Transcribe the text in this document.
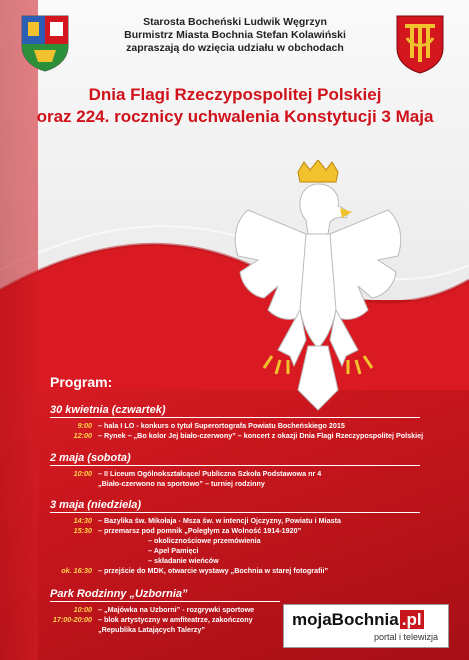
Starosta Bocheński Ludwik Węgrzyn
Burmistrz Miasta Bochnia Stefan Kolawiński
zapraszają do wzięcia udziału w obchodach
Dnia Flagi Rzeczypospolitej Polskiej
oraz 224. rocznicy uchwalenia Konstytucji 3 Maja
Program:
30 kwietnia (czwartek)
9:00 – hala I LO - konkurs o tytuł Superortografa Powiatu Bocheńskiego 2015
12:00 – Rynek – „Bo kolor Jej biało-czerwony” – koncert z okazji Dnia Flagi Rzeczypospolitej Polskiej
2 maja (sobota)
10:00 – II Liceum Ogólnokształcące/ Publiczna Szkoła Podstawowa nr 4
„Biało-czerwono na sportowo” – turniej rodzinny
3 maja (niedziela)
14:30 – Bazylika św. Mikołaja - Msza św. w intencji Ojczyzny, Powiatu i Miasta
15:30 – przemarsz pod pomnik „Poległym za Wolność 1914-1920”
– okolicznościowe przemówienia
– Apel Pamięci
– składanie wieńców
ok. 16:30 – przejście do MDK, otwarcie wystawy „Bochnia w starej fotografii”
Park Rodzinny „Uzbornia”
10:00 – „Majówka na Uzborni” - rozgrywki sportowe
17:00-20:00 – blok artystyczny w amfiteatrze, zakończony
„Republika Latających Talerzy”
mojaBochnia .pl
portal i telewizja
